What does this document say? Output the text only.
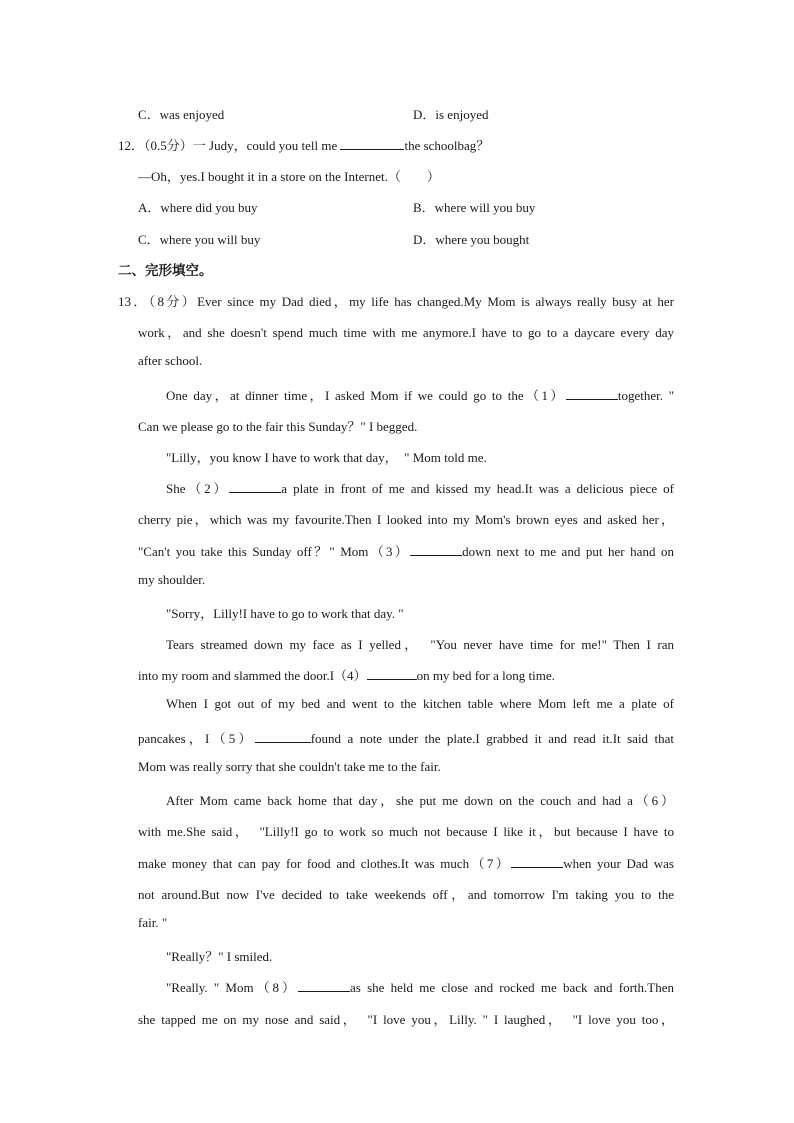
C．was enjoyed	D．is enjoyed
12．（0.5分）一 Judy，could you tell me	the schoolbag？
—Oh，yes.I bought it in a store on the Internet.（　　）
A．where did you buy	B．where will you buy
C．where you will buy	D．where you bought
二、完形填空。
13．（8分）Ever since my Dad died，my life has changed.My Mom is always really busy at her
work，and she doesn't spend much time with me anymore.I have to go to a daycare every day
after school.
One day，at dinner time，I asked Mom if we could go to the（1）	together. "
Can we please go to the fair this Sunday？" I begged.
"Lilly，you know I have to work that day，　" Mom told me.
She（2）	a plate in front of me and kissed my head.It was a delicious piece of
cherry pie，which was my favourite.Then I looked into my Mom's brown eyes and asked her，
"Can't you take this Sunday off？" Mom（3）	down next to me and put her hand on
my shoulder.
"Sorry，Lilly!I have to go to work that day. "
Tears streamed down my face as I yelled，　"You never have time for me!" Then I ran
into my room and slammed the door.I（4）	on my bed for a long time.
When I got out of my bed and went to the kitchen table where Mom left me a plate of
pancakes，I（5）	found a note under the plate.I grabbed it and read it.It said that
Mom was really sorry that she couldn't take me to the fair.
After Mom came back home that day，she put me down on the couch and had a（6）
with me.She said，　"Lilly!I go to work so much not because I like it，but because I have to
make money that can pay for food and clothes.It was much（7）	when your Dad was
not around.But now I've decided to take weekends off，and tomorrow I'm taking you to the
fair. "
"Really？" I smiled.
"Really. " Mom（8）	as she held me close and rocked me back and forth.Then
she tapped me on my nose and said，　"I love you，Lilly. " I laughed，　"I love you too，
